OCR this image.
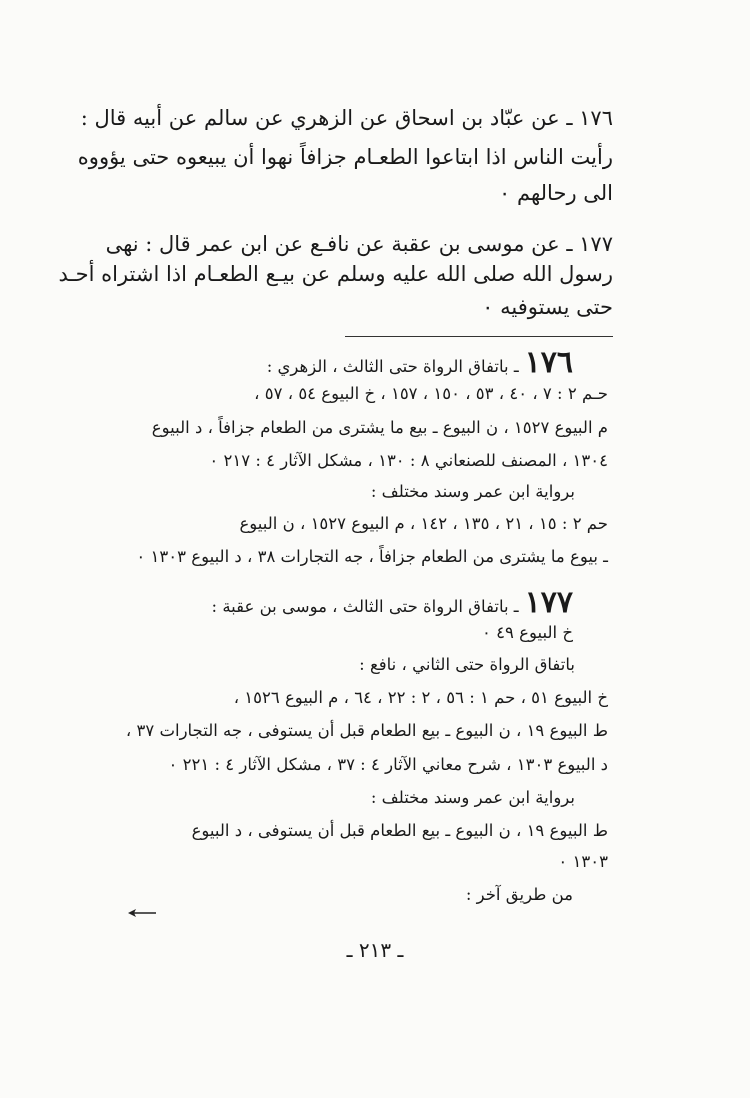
١٧٦ ـ عن عبّاد بن اسحاق عن الزهري عن سالم عن أبيه قال :
رأيت الناس اذا ابتاعوا الطعـام جزافاً نهوا أن يبيعوه حتى يؤووه
الى رحالهم ٠
١٧٧ ـ عن موسى بن عقبة عن نافـع عن ابن عمر قال : نهى
رسول الله صلى الله عليه وسلم عن بيـع الطعـام اذا اشتراه أحـد
حتى يستوفيه ٠
١٧٦
ـ باتفاق الرواة حتى الثالث ، الزهري :
حـم ٢ : ٧ ، ٤٠ ، ٥٣ ، ١٥٠ ، ١٥٧ ، خ البيوع ٥٤ ، ٥٧ ،
م البيوع ١٥٢٧ ، ن البيوع ـ بيع ما يشترى من الطعام جزافاً ، د البيوع
١٣٠٤ ، المصنف للصنعاني ٨ : ١٣٠ ، مشكل الآثار ٤ : ٢١٧ ٠
برواية ابن عمر وسند مختلف :
حم ٢ : ١٥ ، ٢١ ، ١٣٥ ، ١٤٢ ، م البيوع ١٥٢٧ ، ن البيوع
ـ بيوع ما يشترى من الطعام جزافاً ، جه التجارات ٣٨ ، د البيوع ١٣٠٣ ٠
١٧٧
ـ باتفاق الرواة حتى الثالث ، موسى بن عقبة :
خ البيوع ٤٩ ٠
باتفاق الرواة حتى الثاني ، نافع :
خ البيوع ٥١ ، حم ١ : ٥٦ ، ٢ : ٢٢ ، ٦٤ ، م البيوع ١٥٢٦ ،
ط البيوع ١٩ ، ن البيوع ـ بيع الطعام قبل أن يستوفى ، جه التجارات ٣٧ ،
د البيوع ١٣٠٣ ، شرح معاني الآثار ٤ : ٣٧ ، مشكل الآثار ٤ : ٢٢١ ٠
برواية ابن عمر وسند مختلف :
ط البيوع ١٩ ، ن البيوع ـ بيع الطعام قبل أن يستوفى ، د البيوع
١٣٠٣ ٠
من طريق آخر :
ـ ٢١٣ ـ
